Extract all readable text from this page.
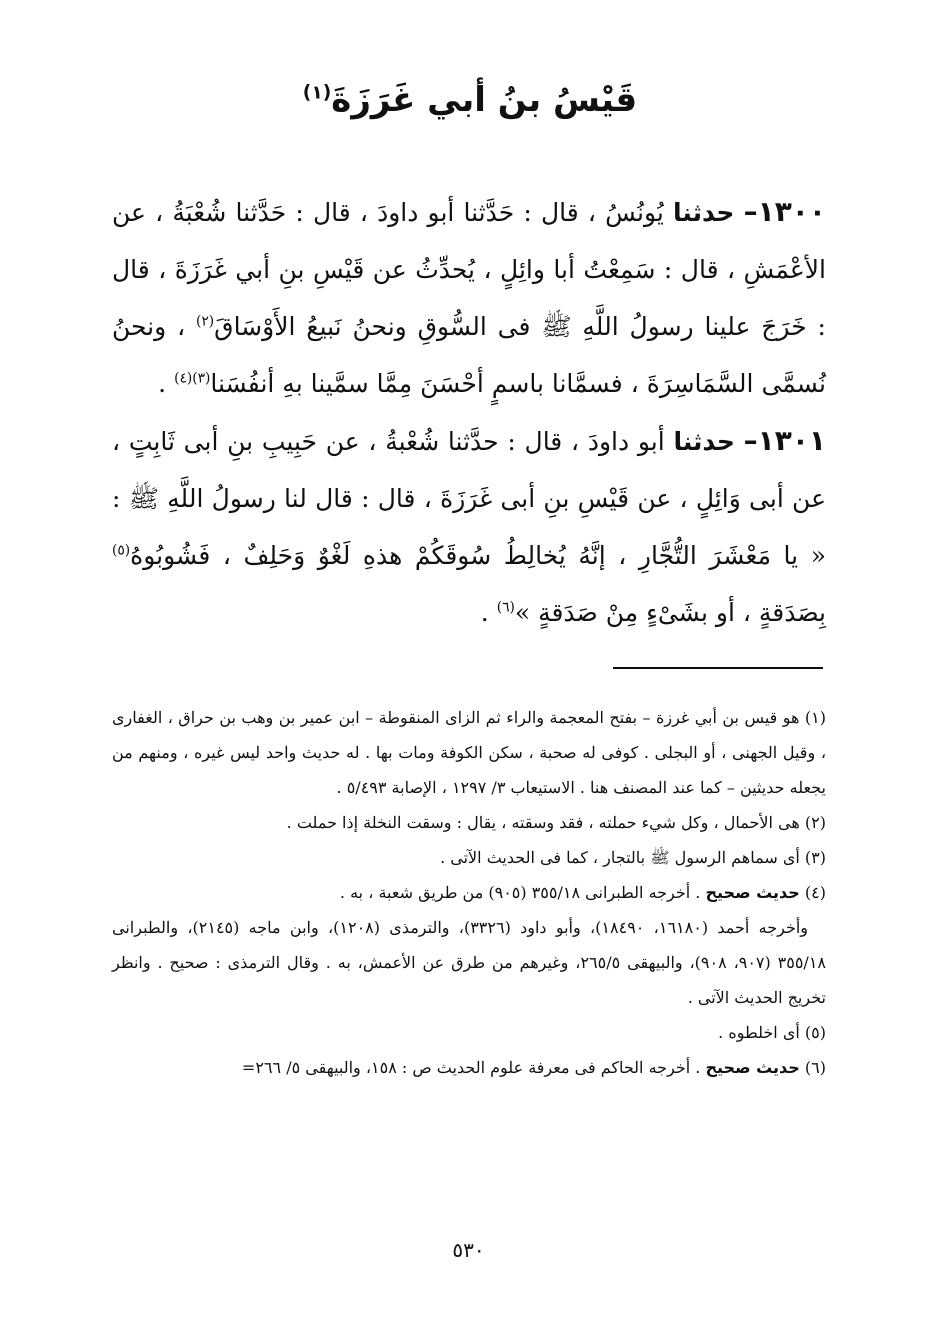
قَيْسُ بنُ أبي غَرَزَةَ$^{(١)}$

١٣٠٠– حدثنا يُونُسُ ، قال : حَدَّثنا أبو داودَ ، قال : حَدَّثنا شُعْبَةُ ، عن الأعْمَشِ ، قال : سَمِعْتُ أبا وائِلٍ ، يُحدِّثُ عن قَيْسِ بنِ أبي غَرَزَةَ ، قال : خَرَجَ علينا رسولُ اللَّهِ ﷺ فى السُّوقِ ونحنُ نَبيعُ الأَوْسَاقَ$^{(٢)}$ ، ونحنُ نُسمَّى السَّمَاسِرَةَ ، فسمَّانا باسمٍ أحْسَنَ مِمَّا سمَّينا بهِ أنفُسَنا$^{(٣)(٤)}$ .

١٣٠١– حدثنا أبو داودَ ، قال : حدَّثنا شُعْبةُ ، عن حَبِيبِ بنِ أبى ثَابِتٍ ، عن أبى وَائِلٍ ، عن قَيْسِ بنِ أبى غَرَزَةَ ، قال : قال لنا رسولُ اللَّهِ ﷺ : « يا مَعْشَرَ التُّجَّارِ ، إنَّهُ يُخالِطُ سُوقَكُمْ هذهِ لَغْوٌ وَحَلِفٌ ، فَشُوبُوهُ$^{(٥)}$ بِصَدَقةٍ ، أو بشَىْءٍ مِنْ صَدَقةٍ »$^{(٦)}$ .

(١) هو قيس بن أبي غرزة – بفتح المعجمة والراء ثم الزاى المنقوطة – ابن عمير بن وهب بن حراق ، الغفارى ، وقيل الجهنى ، أو البجلى . كوفى له صحبة ، سكن الكوفة ومات بها . له حديث واحد ليس غيره ، ومنهم من يجعله حديثين – كما عند المصنف هنا . الاستيعاب ٣/ ١٢٩٧ ، الإصابة ٥/٤٩٣ .

(٢) هى الأحمال ، وكل شيء حملته ، فقد وسقته ، يقال : وسقت النخلة إذا حملت .

(٣) أى سماهم الرسول ﷺ بالتجار ، كما فى الحديث الآتى .

(٤) حديث صحيح . أخرجه الطبرانى ٣٥٥/١٨ (٩٠٥) من طريق شعبة ، به .

وأخرجه أحمد (١٦١٨٠، ١٨٤٩٠)، وأبو داود (٣٣٢٦)، والترمذى (١٢٠٨)، وابن ماجه (٢١٤٥)، والطبرانى ٣٥٥/١٨ (٩٠٧، ٩٠٨)، والبيهقى ٢٦٥/٥، وغيرهم من طرق عن الأعمش، به . وقال الترمذى : صحيح . وانظر تخريج الحديث الآتى .

(٥) أى اخلطوه .

(٦) حديث صحيح . أخرجه الحاكم فى معرفة علوم الحديث ص : ١٥٨، والبيهقى ٥/ ٢٦٦=

٥٣٠
